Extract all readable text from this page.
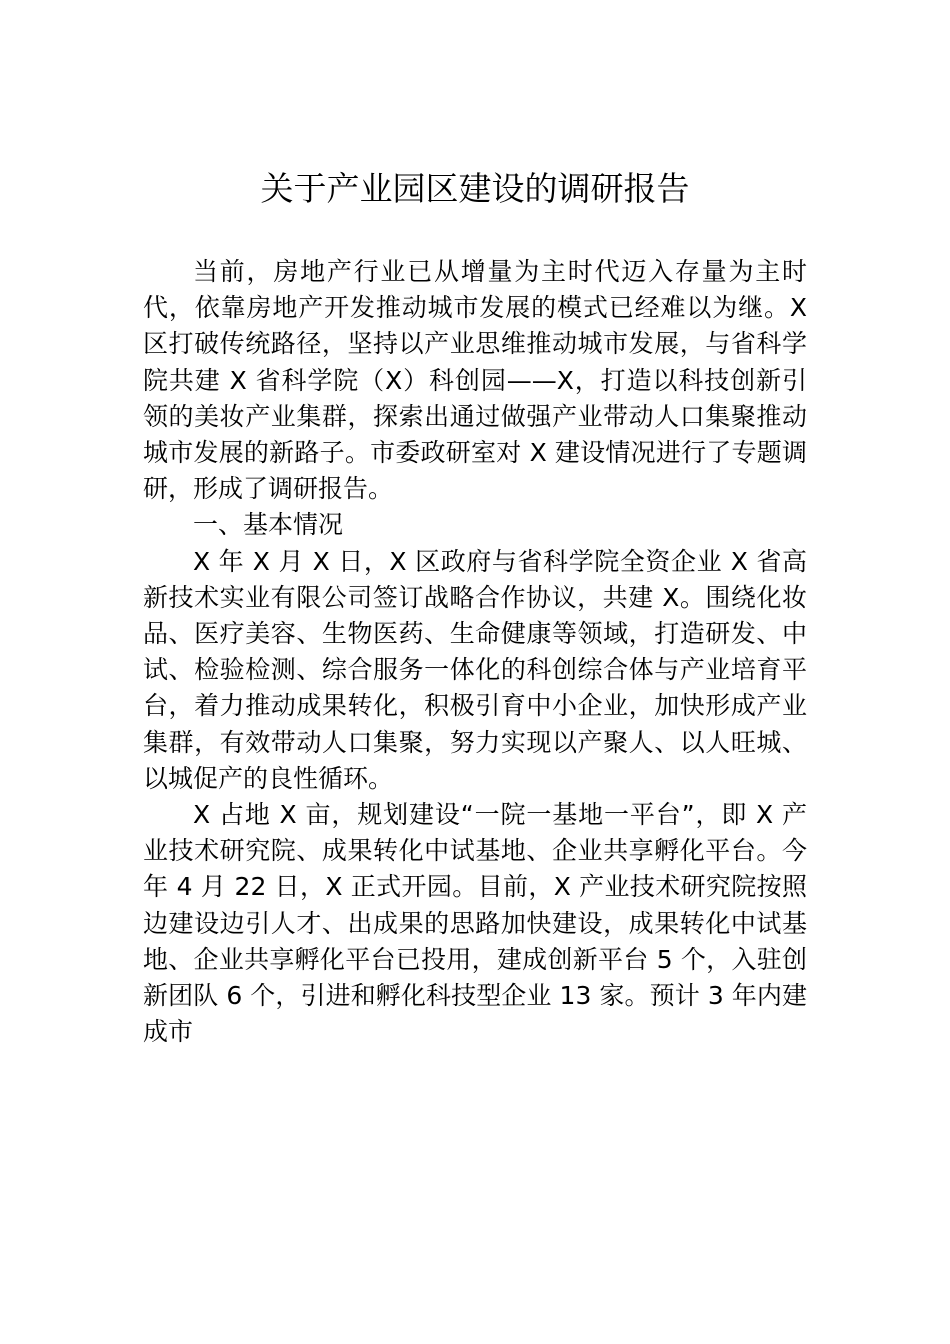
关于产业园区建设的调研报告

当前，房地产行业已从增量为主时代迈入存量为主时代，依靠房地产开发推动城市发展的模式已经难以为继。X 区打破传统路径，坚持以产业思维推动城市发展，与省科学院共建 X 省科学院（X）科创园——X，打造以科技创新引领的美妆产业集群，探索出通过做强产业带动人口集聚推动城市发展的新路子。市委政研室对 X 建设情况进行了专题调研，形成了调研报告。

一、基本情况

X 年 X 月 X 日，X 区政府与省科学院全资企业 X 省高新技术实业有限公司签订战略合作协议，共建 X。围绕化妆品、医疗美容、生物医药、生命健康等领域，打造研发、中试、检验检测、综合服务一体化的科创综合体与产业培育平台，着力推动成果转化，积极引育中小企业，加快形成产业集群，有效带动人口集聚，努力实现以产聚人、以人旺城、以城促产的良性循环。

X 占地 X 亩，规划建设“一院一基地一平台”，即 X 产业技术研究院、成果转化中试基地、企业共享孵化平台。今年 4 月 22 日，X 正式开园。目前，X 产业技术研究院按照边建设边引人才、出成果的思路加快建设，成果转化中试基地、企业共享孵化平台已投用，建成创新平台 5 个，入驻创新团队 6 个，引进和孵化科技型企业 13 家。预计 3 年内建成市
